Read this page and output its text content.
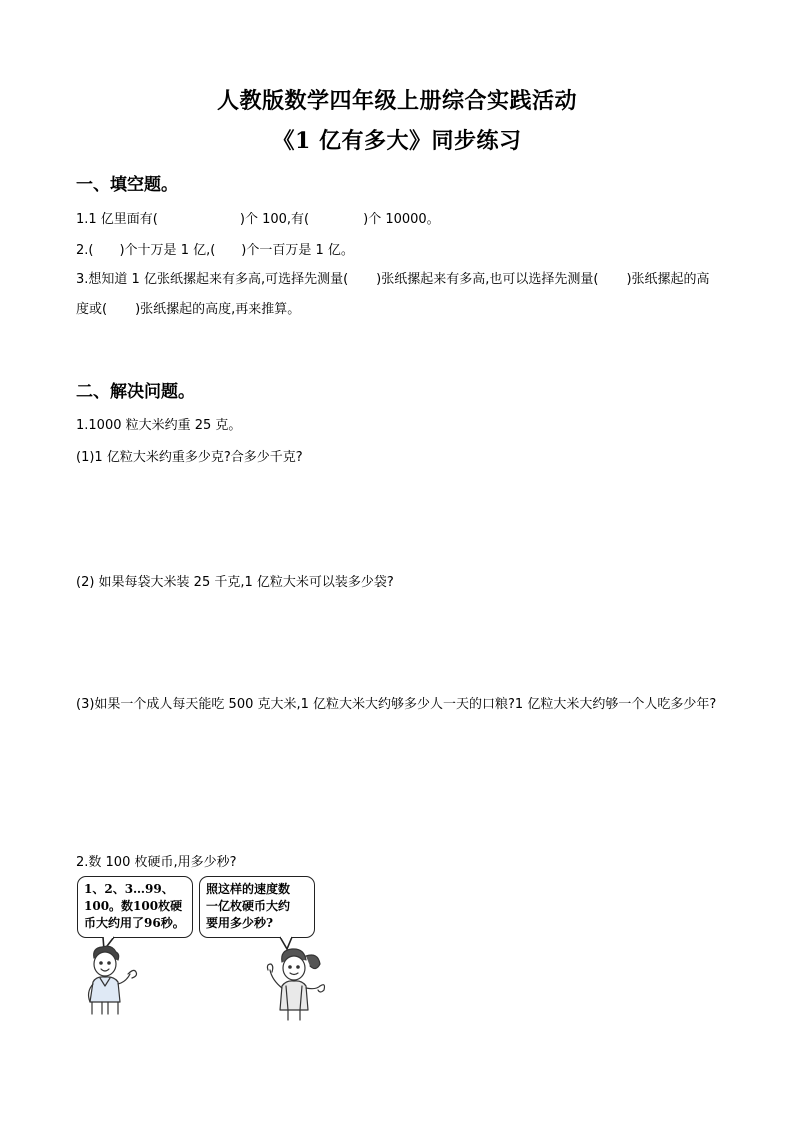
人教版数学四年级上册综合实践活动
《1 亿有多大》同步练习
一、填空题。
1.1 亿里面有(	)个 100,有(	)个 10000。
2.( )个十万是 1 亿,( )个一百万是 1 亿。
3.想知道 1 亿张纸摞起来有多高,可选择先测量( )张纸摞起来有多高,也可以选择先测量( )张纸摞起的高度或( )张纸摞起的高度,再来推算。
二、解决问题。
1.1000 粒大米约重 25 克。
(1)1 亿粒大米约重多少克?合多少千克?
(2) 如果每袋大米装 25 千克,1 亿粒大米可以装多少袋?
(3)如果一个成人每天能吃 500 克大米,1 亿粒大米大约够多少人一天的口粮?1 亿粒大米大约够一个人吃多少年?
2.数 100 枚硬币,用多少秒?
1、2、3…99、
100。数100枚硬
币大约用了96秒。
照这样的速度数
一亿枚硬币大约
要用多少秒?
